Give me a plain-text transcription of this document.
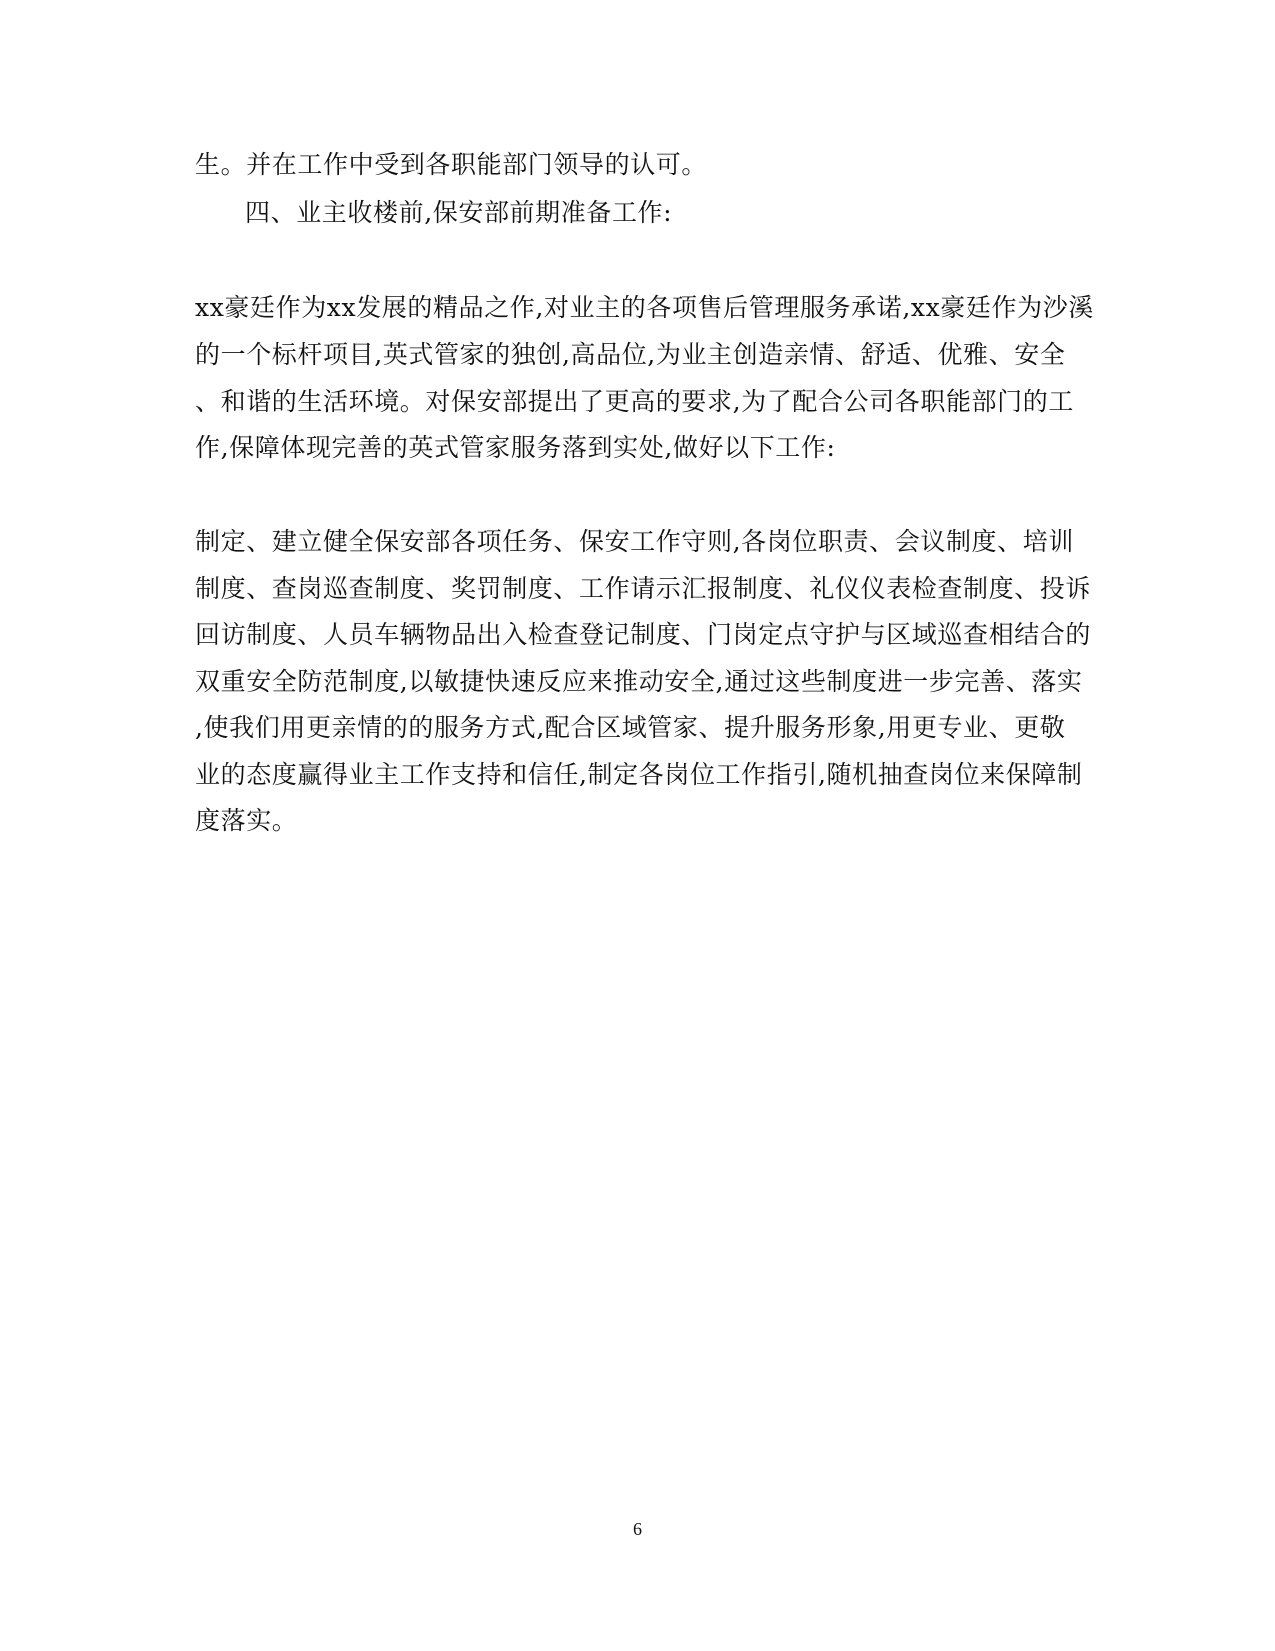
生。并在工作中受到各职能部门领导的认可。
四、业主收楼前,保安部前期准备工作:
xx豪廷作为xx发展的精品之作,对业主的各项售后管理服务承诺,xx豪廷作为沙溪
的一个标杆项目,英式管家的独创,高品位,为业主创造亲情、舒适、优雅、安全
、和谐的生活环境。对保安部提出了更高的要求,为了配合公司各职能部门的工
作,保障体现完善的英式管家服务落到实处,做好以下工作:
制定、建立健全保安部各项任务、保安工作守则,各岗位职责、会议制度、培训
制度、查岗巡查制度、奖罚制度、工作请示汇报制度、礼仪仪表检查制度、投诉
回访制度、人员车辆物品出入检查登记制度、门岗定点守护与区域巡查相结合的
双重安全防范制度,以敏捷快速反应来推动安全,通过这些制度进一步完善、落实
,使我们用更亲情的的服务方式,配合区域管家、提升服务形象,用更专业、更敬
业的态度赢得业主工作支持和信任,制定各岗位工作指引,随机抽查岗位来保障制
度落实。
6
